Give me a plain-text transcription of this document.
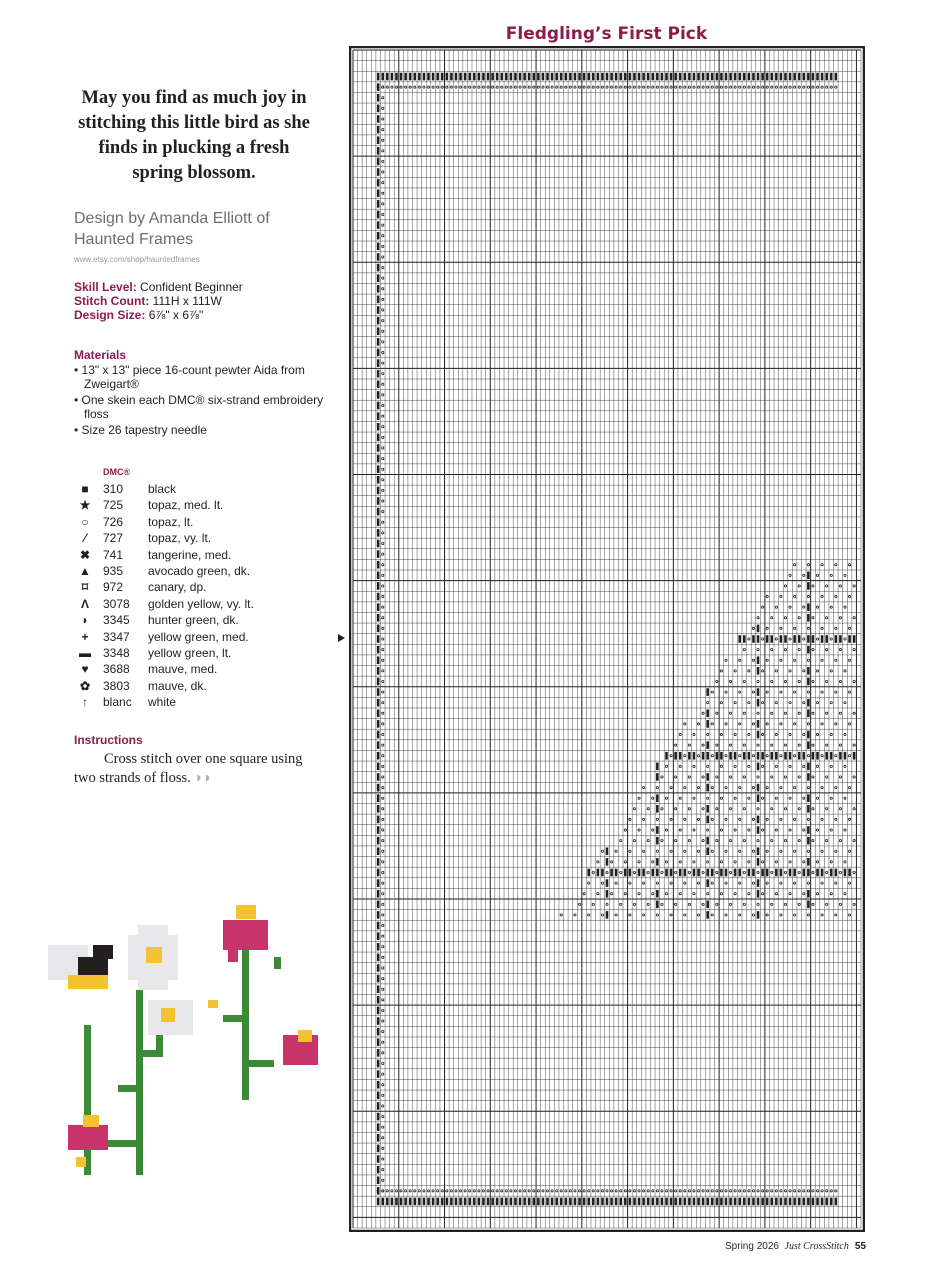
Fledgling’s First Pick
May you find as much joy in stitching this little bird as she finds in plucking a fresh spring blossom.
Design by Amanda Elliott of Haunted Frames
www.etsy.com/shop/hauntedframes
Skill Level: Confident Beginner
Stitch Count: 111H x 111W
Design Size: 6⅞" x 6⅞"
Materials
• 13" x 13" piece 16-count pewter Aida from Zweigart®
• One skein each DMC® six-strand embroidery floss
• Size 26 tapestry needle
DMC®
■ 310 black
★ 725 topaz, med. lt.
○ 726 topaz, lt.
⁄ 727 topaz, vy. lt.
✖ 741 tangerine, med.
▲ 935 avocado green, dk.
⌑ 972 canary, dp.
Λ 3078 golden yellow, vy. lt.
◗ 3345 hunter green, dk.
+ 3347 yellow green, med.
▬ 3348 yellow green, lt.
♥ 3688 mauve, med.
✿ 3803 mauve, dk.
↑ blanc white
Instructions
Cross stitch over one square using two strands of floss. ◗◗
Spring 2026 Just CrossStitch 55
